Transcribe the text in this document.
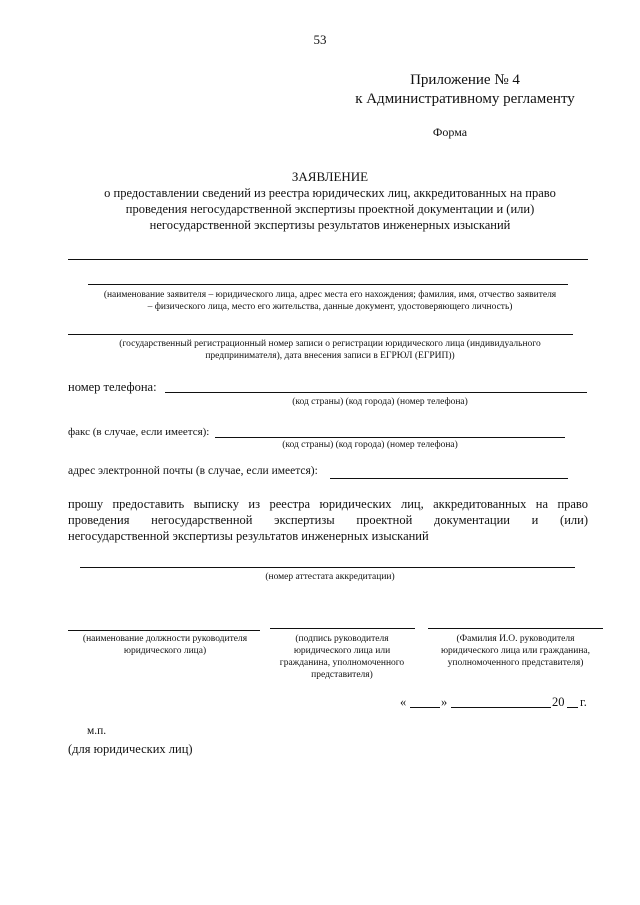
53
Приложение № 4
к Административному регламенту
Форма
ЗАЯВЛЕНИЕ
о предоставлении сведений из реестра юридических лиц, аккредитованных на право
проведения негосударственной экспертизы проектной документации и (или)
негосударственной экспертизы результатов инженерных изысканий
(наименование заявителя – юридического лица, адрес места его нахождения; фамилия, имя, отчество заявителя
– физического лица, место его жительства, данные документ, удостоверяющего личность)
(государственный регистрационный номер записи о регистрации юридического лица (индивидуального
предпринимателя), дата внесения записи в ЕГРЮЛ (ЕГРИП))
номер телефона:
(код страны) (код города) (номер телефона)
факс (в случае, если имеется):
(код страны) (код города) (номер телефона)
адрес электронной почты (в случае, если имеется):
прошу предоставить выписку из реестра юридических лиц, аккредитованных на право
проведения негосударственной экспертизы проектной документации и (или)
негосударственной экспертизы результатов инженерных изысканий
(номер аттестата аккредитации)
(наименование должности руководителя
юридического лица)
(подпись руководителя
юридического лица или
гражданина, уполномоченного
представителя)
(Фамилия И.О. руководителя
юридического лица или гражданина,
уполномоченного представителя)
«	»	20 г.
м.п.
(для юридических лиц)
